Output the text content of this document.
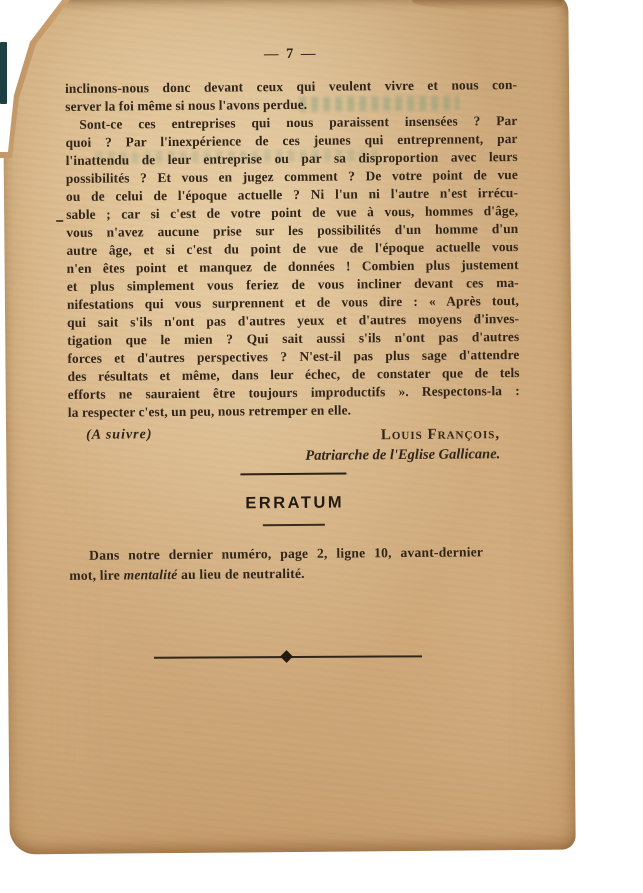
— 7 —
inclinons-nous donc devant ceux qui veulent vivre et nous con-
server la foi même si nous l'avons perdue.
Sont-ce ces entreprises qui nous paraissent insensées ? Par
quoi ? Par l'inexpérience de ces jeunes qui entreprennent, par
l'inattendu de leur entreprise ou par sa disproportion avec leurs
possibilités ? Et vous en jugez comment ? De votre point de vue
ou de celui de l'époque actuelle ? Ni l'un ni l'autre n'est irrécu-
sable ; car si c'est de votre point de vue à vous, hommes d'âge,
vous n'avez aucune prise sur les possibilités d'un homme d'un
autre âge, et si c'est du point de vue de l'époque actuelle vous
n'en êtes point et manquez de données ! Combien plus justement
et plus simplement vous feriez de vous incliner devant ces ma-
nifestations qui vous surprennent et de vous dire : « Après tout,
qui sait s'ils n'ont pas d'autres yeux et d'autres moyens d'inves-
tigation que le mien ? Qui sait aussi s'ils n'ont pas d'autres
forces et d'autres perspectives ? N'est-il pas plus sage d'attendre
des résultats et même, dans leur échec, de constater que de tels
efforts ne sauraient être toujours improductifs ». Respectons-la :
la respecter c'est, un peu, nous retremper en elle.
(A suivre)	Louis François,
Patriarche de l'Eglise Gallicane.
ERRATUM
Dans notre dernier numéro, page 2, ligne 10, avant-dernier
mot, lire mentalité au lieu de neutralité.
